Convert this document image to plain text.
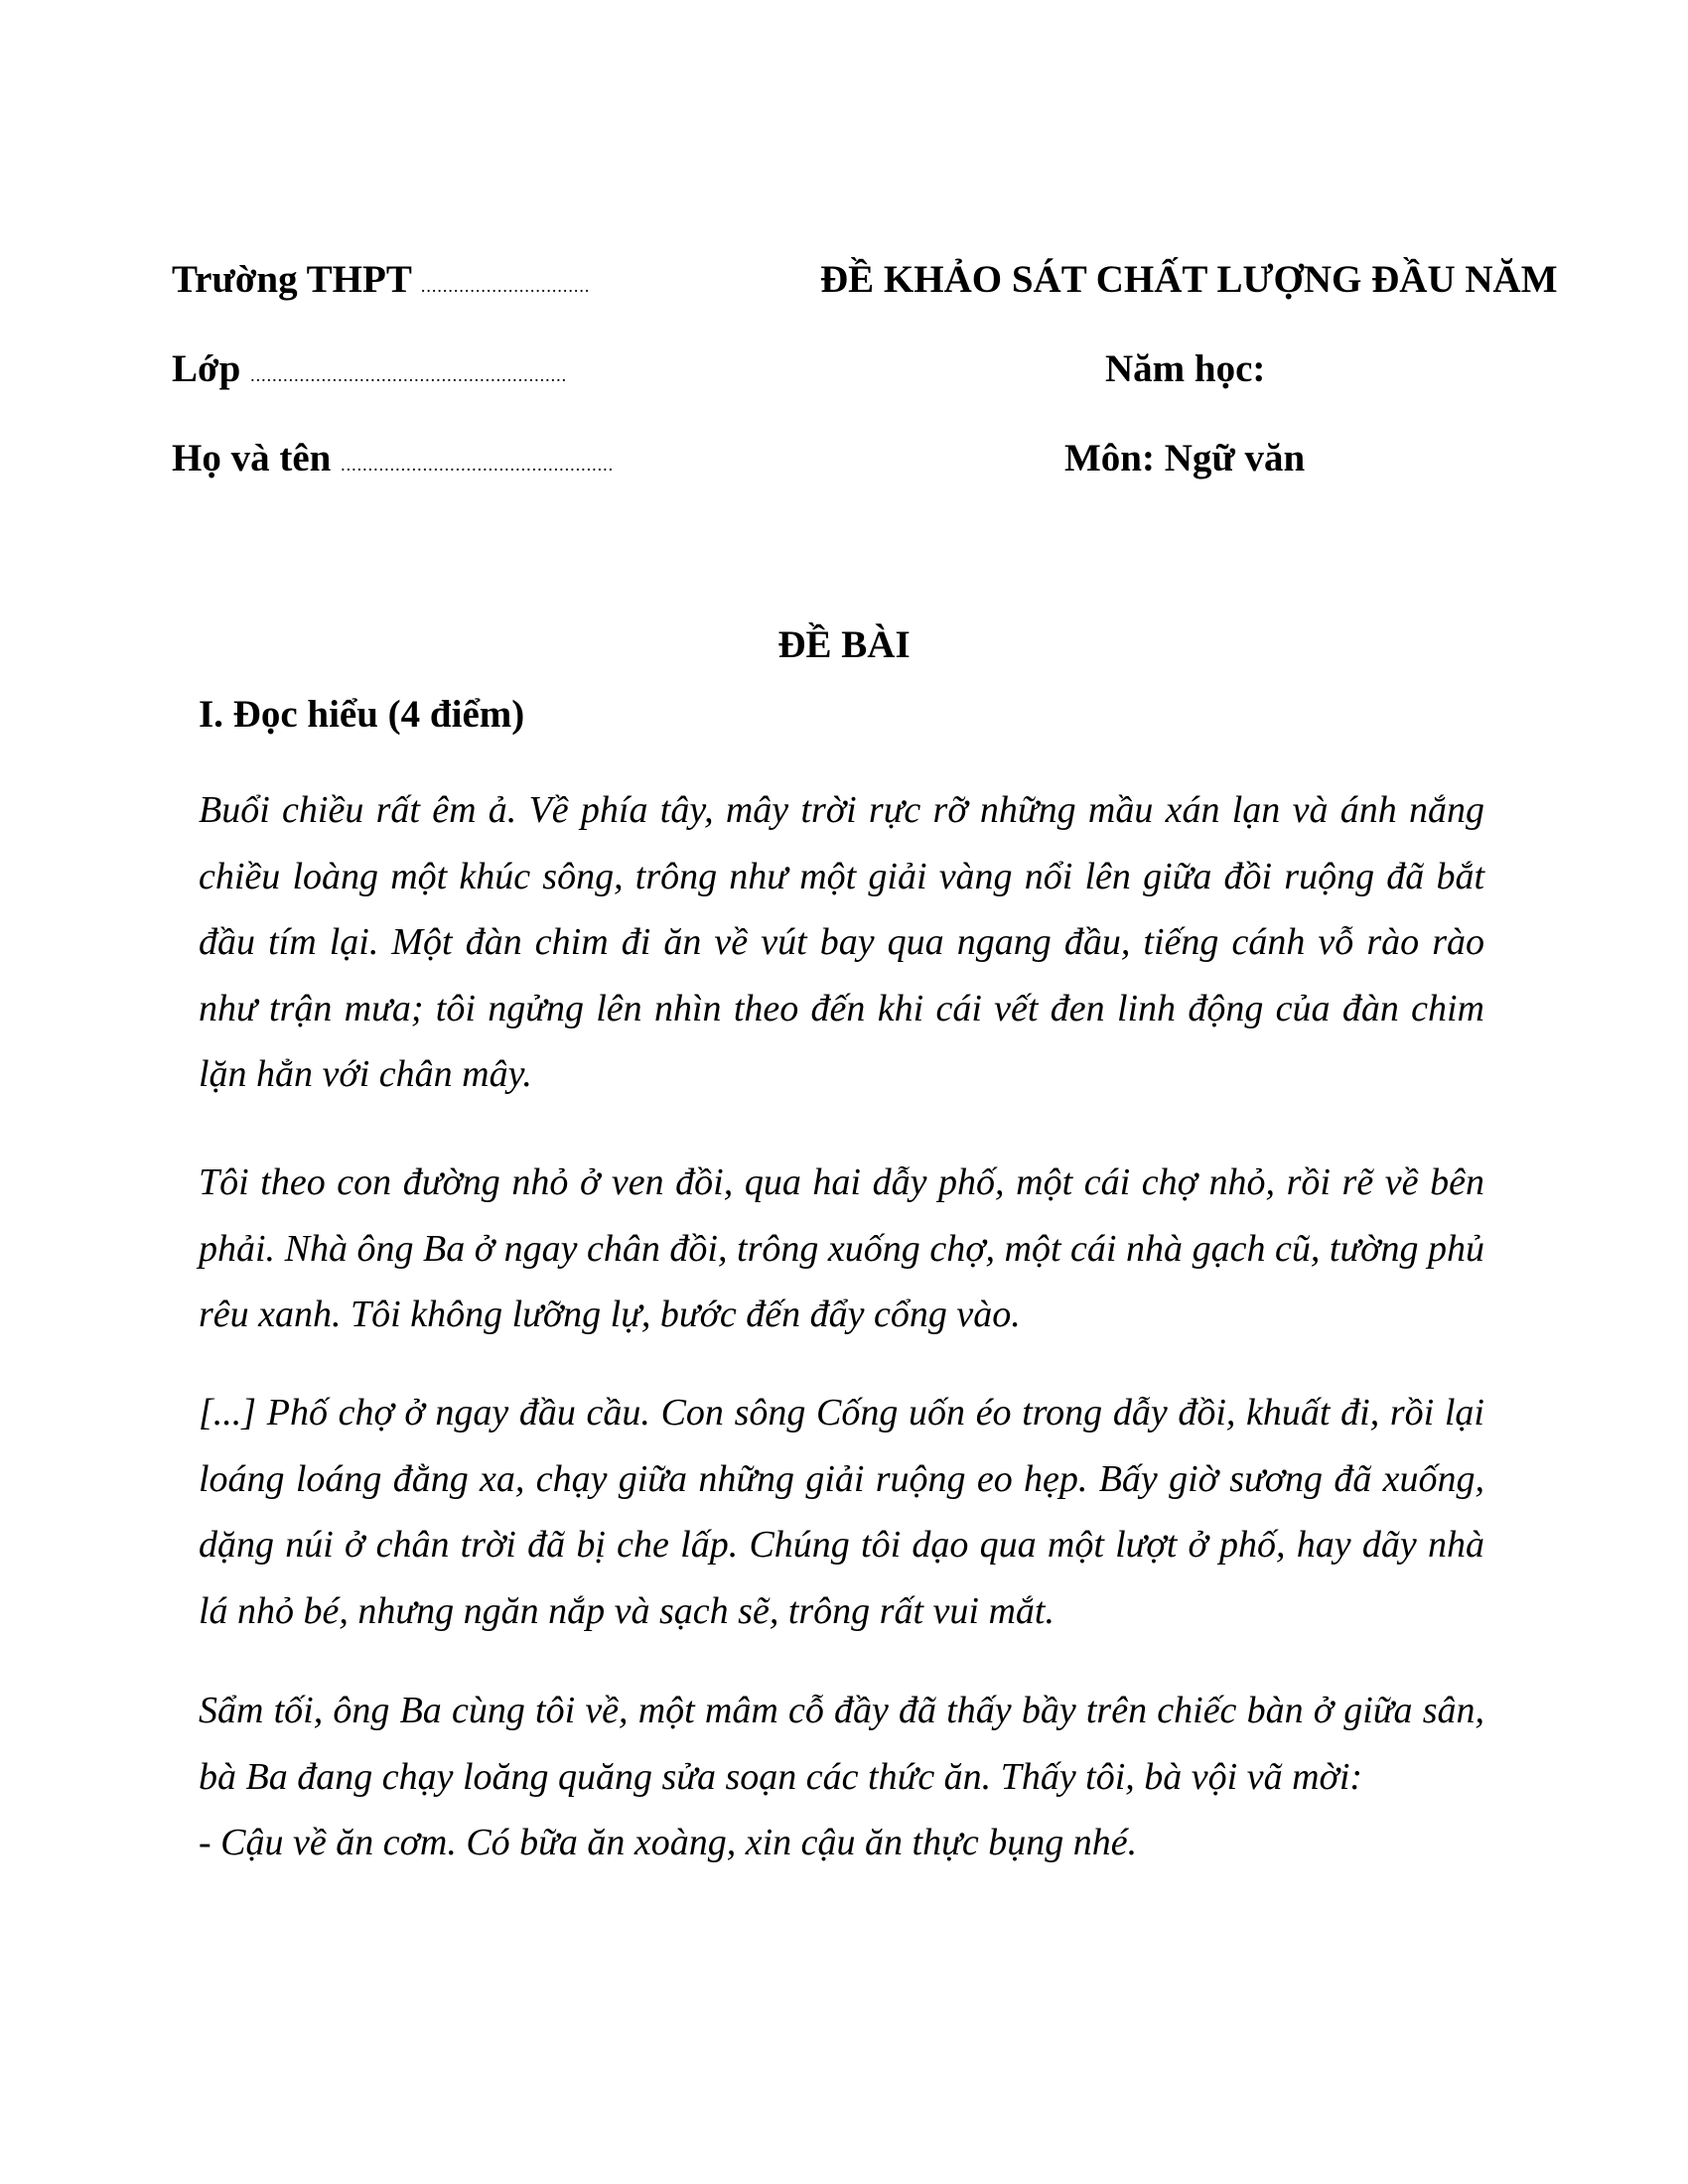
Trường THPT ...............................
Lớp ..........................................................
Họ và tên ..................................................
ĐỀ KHẢO SÁT CHẤT LƯỢNG ĐẦU NĂM
Năm học:
Môn: Ngữ văn
ĐỀ BÀI
I. Đọc hiểu (4 điểm)

Buổi chiều rất êm ả. Về phía tây, mây trời rực rỡ những mầu xán lạn và ánh nắng chiều loàng một khúc sông, trông như một giải vàng nổi lên giữa đồi ruộng đã bắt đầu tím lại. Một đàn chim đi ăn về vút bay qua ngang đầu, tiếng cánh vỗ rào rào như trận mưa; tôi ngửng lên nhìn theo đến khi cái vết đen linh động của đàn chim lặn hẳn với chân mây.

Tôi theo con đường nhỏ ở ven đồi, qua hai dẫy phố, một cái chợ nhỏ, rồi rẽ về bên phải. Nhà ông Ba ở ngay chân đồi, trông xuống chợ, một cái nhà gạch cũ, tường phủ rêu xanh. Tôi không lưỡng lự, bước đến đẩy cổng vào.

[...] Phố chợ ở ngay đầu cầu. Con sông Cống uốn éo trong dẫy đồi, khuất đi, rồi lại loáng loáng đằng xa, chạy giữa những giải ruộng eo hẹp. Bấy giờ sương đã xuống, dặng núi ở chân trời đã bị che lấp. Chúng tôi dạo qua một lượt ở phố, hay dãy nhà lá nhỏ bé, nhưng ngăn nắp và sạch sẽ, trông rất vui mắt.

Sẩm tối, ông Ba cùng tôi về, một mâm cỗ đầy đã thấy bầy trên chiếc bàn ở giữa sân, bà Ba đang chạy loăng quăng sửa soạn các thức ăn. Thấy tôi, bà vội vã mời:
- Cậu về ăn cơm. Có bữa ăn xoàng, xin cậu ăn thực bụng nhé.
